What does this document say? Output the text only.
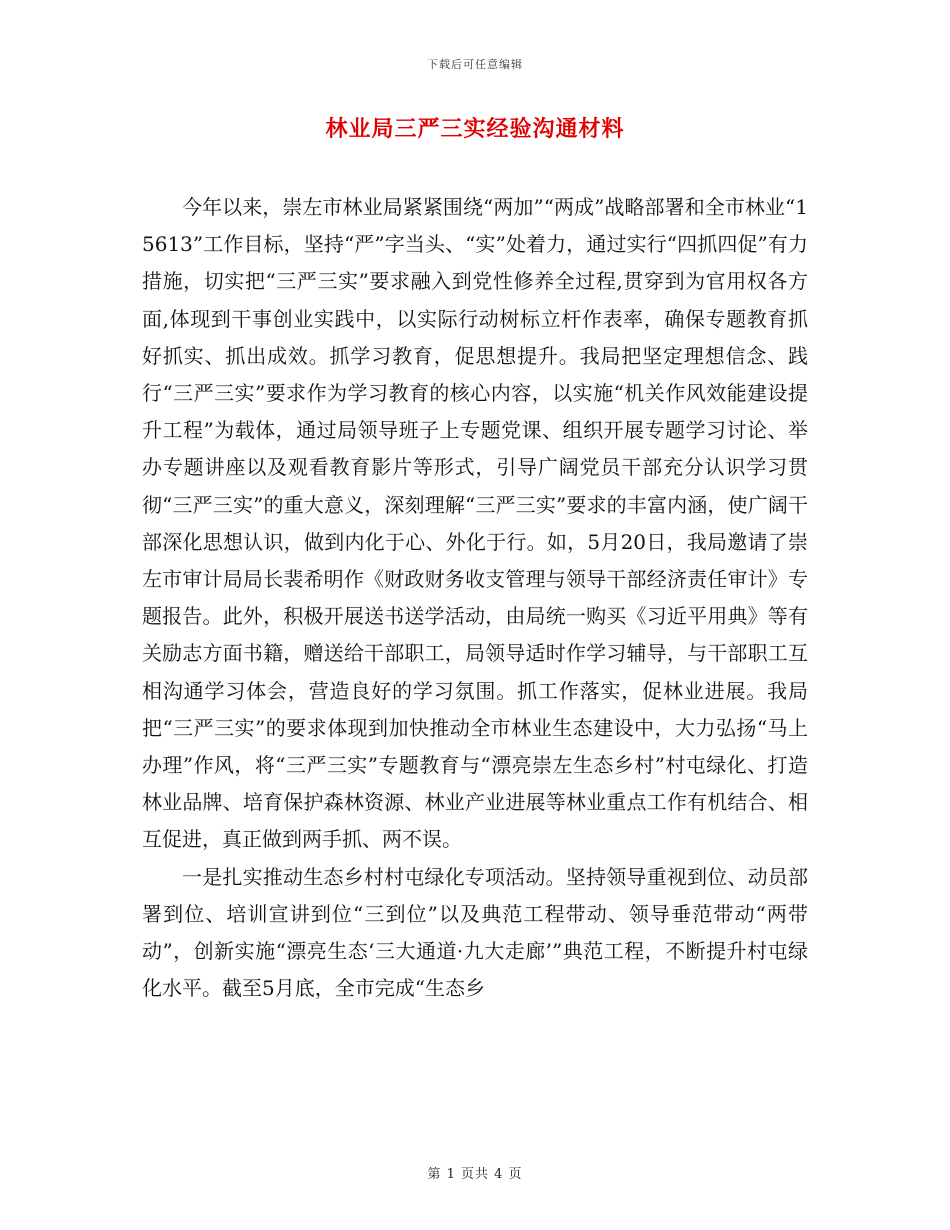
下载后可任意编辑
林业局三严三实经验沟通材料

今年以来，崇左市林业局紧紧围绕“两加”“两成”战略部署和全市林业“15613”工作目标，坚持“严”字当头、“实”处着力，通过实行“四抓四促”有力措施，切实把“三严三实”要求融入到党性修养全过程,贯穿到为官用权各方面,体现到干事创业实践中，以实际行动树标立杆作表率，确保专题教育抓好抓实、抓出成效。抓学习教育，促思想提升。我局把坚定理想信念、践行“三严三实”要求作为学习教育的核心内容，以实施“机关作风效能建设提升工程”为载体，通过局领导班子上专题党课、组织开展专题学习讨论、举办专题讲座以及观看教育影片等形式，引导广阔党员干部充分认识学习贯彻“三严三实”的重大意义，深刻理解“三严三实”要求的丰富内涵，使广阔干部深化思想认识，做到内化于心、外化于行。如，5月20日，我局邀请了崇左市审计局局长裴希明作《财政财务收支管理与领导干部经济责任审计》专题报告。此外，积极开展送书送学活动，由局统一购买《习近平用典》等有关励志方面书籍，赠送给干部职工，局领导适时作学习辅导，与干部职工互相沟通学习体会，营造良好的学习氛围。抓工作落实，促林业进展。我局把“三严三实”的要求体现到加快推动全市林业生态建设中，大力弘扬“马上办理”作风，将“三严三实”专题教育与“漂亮崇左生态乡村”村屯绿化、打造林业品牌、培育保护森林资源、林业产业进展等林业重点工作有机结合、相互促进，真正做到两手抓、两不误。

一是扎实推动生态乡村村屯绿化专项活动。坚持领导重视到位、动员部署到位、培训宣讲到位“三到位”以及典范工程带动、领导垂范带动“两带动”，创新实施“漂亮生态‘三大通道·九大走廊’”典范工程，不断提升村屯绿化水平。截至5月底，全市完成“生态乡

第 1 页共 4 页
